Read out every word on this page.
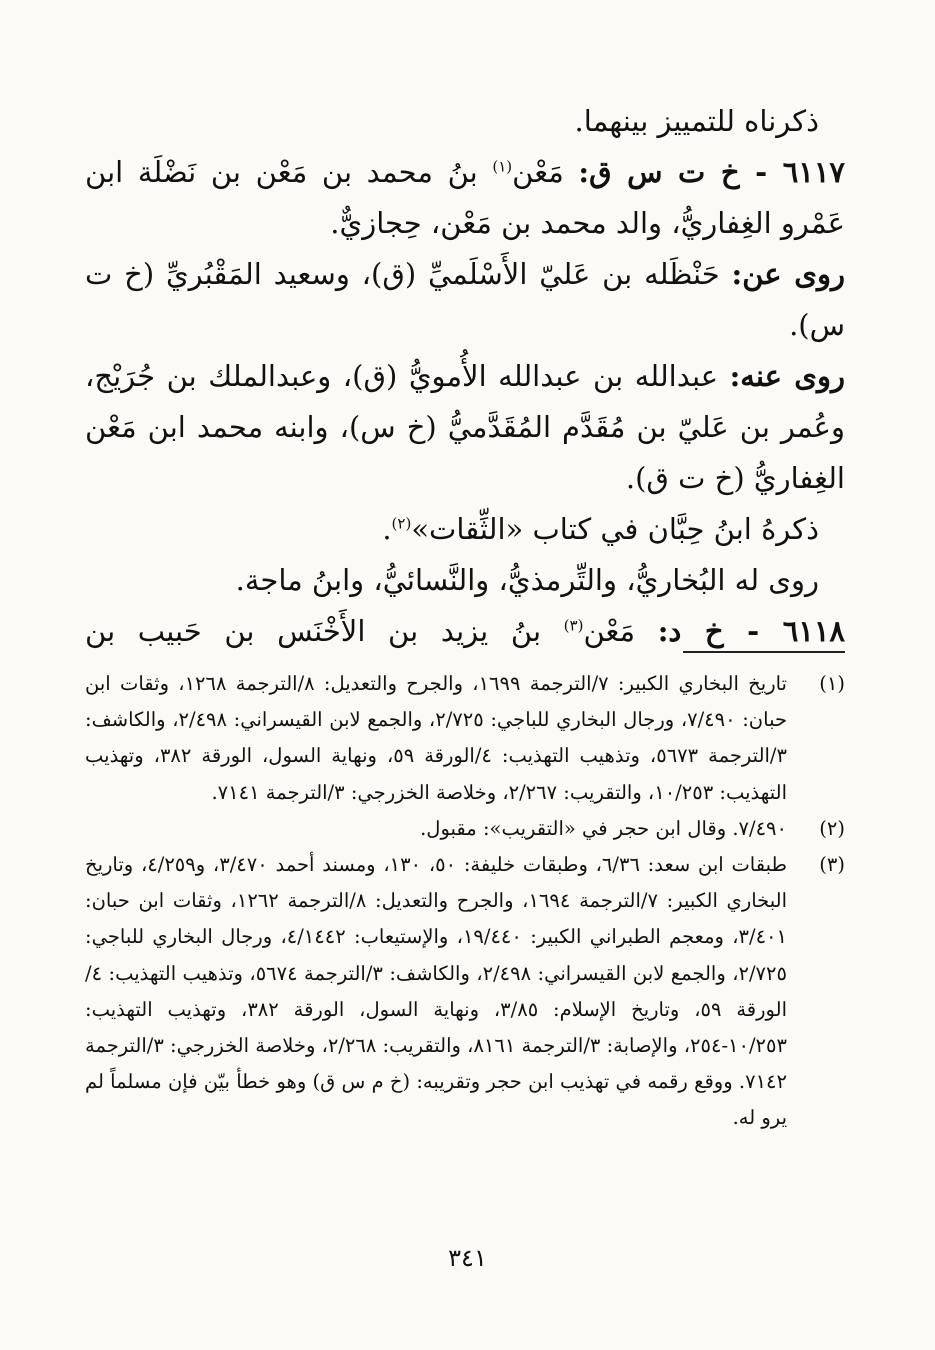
ذكرناه للتمييز بينهما.

٦١١٧ - خ ت س ق: مَعْن$^{(١)}$ بنُ محمد بن مَعْن بن نَضْلَة ابن عَمْرو الغِفاريُّ، والد محمد بن مَعْن، حِجازيٌّ.

روى عن: حَنْظَله بن عَليّ الأَسْلَميِّ (ق)، وسعيد المَقْبُريِّ (خ ت س).

روى عنه: عبدالله بن عبدالله الأُمويُّ (ق)، وعبدالملك بن جُرَيْج، وعُمر بن عَليّ بن مُقَدَّم المُقَدَّميُّ (خ س)، وابنه محمد ابن مَعْن الغِفاريُّ (خ ت ق).

ذكرهُ ابنُ حِبَّان في كتاب «الثِّقات»$^{(٢)}$.

روى له البُخاريُّ، والتِّرمذيُّ، والنَّسائيُّ، وابنُ ماجة.

٦١١٨ - خ د: مَعْن$^{(٣)}$ بنُ يزيد بن الأَخْنَس بن حَبيب بن

(١)
تاريخ البخاري الكبير: ٧/الترجمة ١٦٩٩، والجرح والتعديل: ٨/الترجمة ١٢٦٨، وثقات ابن حبان: ٧/٤٩٠، ورجال البخاري للباجي: ٢/٧٢٥، والجمع لابن القيسراني: ٢/٤٩٨، والكاشف: ٣/الترجمة ٥٦٧٣، وتذهيب التهذيب: ٤/الورقة ٥٩، ونهاية السول، الورقة ٣٨٢، وتهذيب التهذيب: ١٠/٢٥٣، والتقريب: ٢/٢٦٧، وخلاصة الخزرجي: ٣/الترجمة ٧١٤١.
(٢)
٧/٤٩٠. وقال ابن حجر في «التقريب»: مقبول.
(٣)
طبقات ابن سعد: ٦/٣٦، وطبقات خليفة: ٥٠، ١٣٠، ومسند أحمد ٣/٤٧٠، و٤/٢٥٩، وتاريخ البخاري الكبير: ٧/الترجمة ١٦٩٤، والجرح والتعديل: ٨/الترجمة ١٢٦٢، وثقات ابن حبان: ٣/٤٠١، ومعجم الطبراني الكبير: ١٩/٤٤٠، والإستيعاب: ٤/١٤٤٢، ورجال البخاري للباجي: ٢/٧٢٥، والجمع لابن القيسراني: ٢/٤٩٨، والكاشف: ٣/الترجمة ٥٦٧٤، وتذهيب التهذيب: ٤/الورقة ٥٩، وتاريخ الإسلام: ٣/٨٥، ونهاية السول، الورقة ٣٨٢، وتهذيب التهذيب: ١٠/٢٥٣-٢٥٤، والإصابة: ٣/الترجمة ٨١٦١، والتقريب: ٢/٢٦٨، وخلاصة الخزرجي: ٣/الترجمة ٧١٤٢. ووقع رقمه في تهذيب ابن حجر وتقريبه: (خ م س ق) وهو خطأ بيّن فإن مسلماً لم يرو له.
٣٤١
